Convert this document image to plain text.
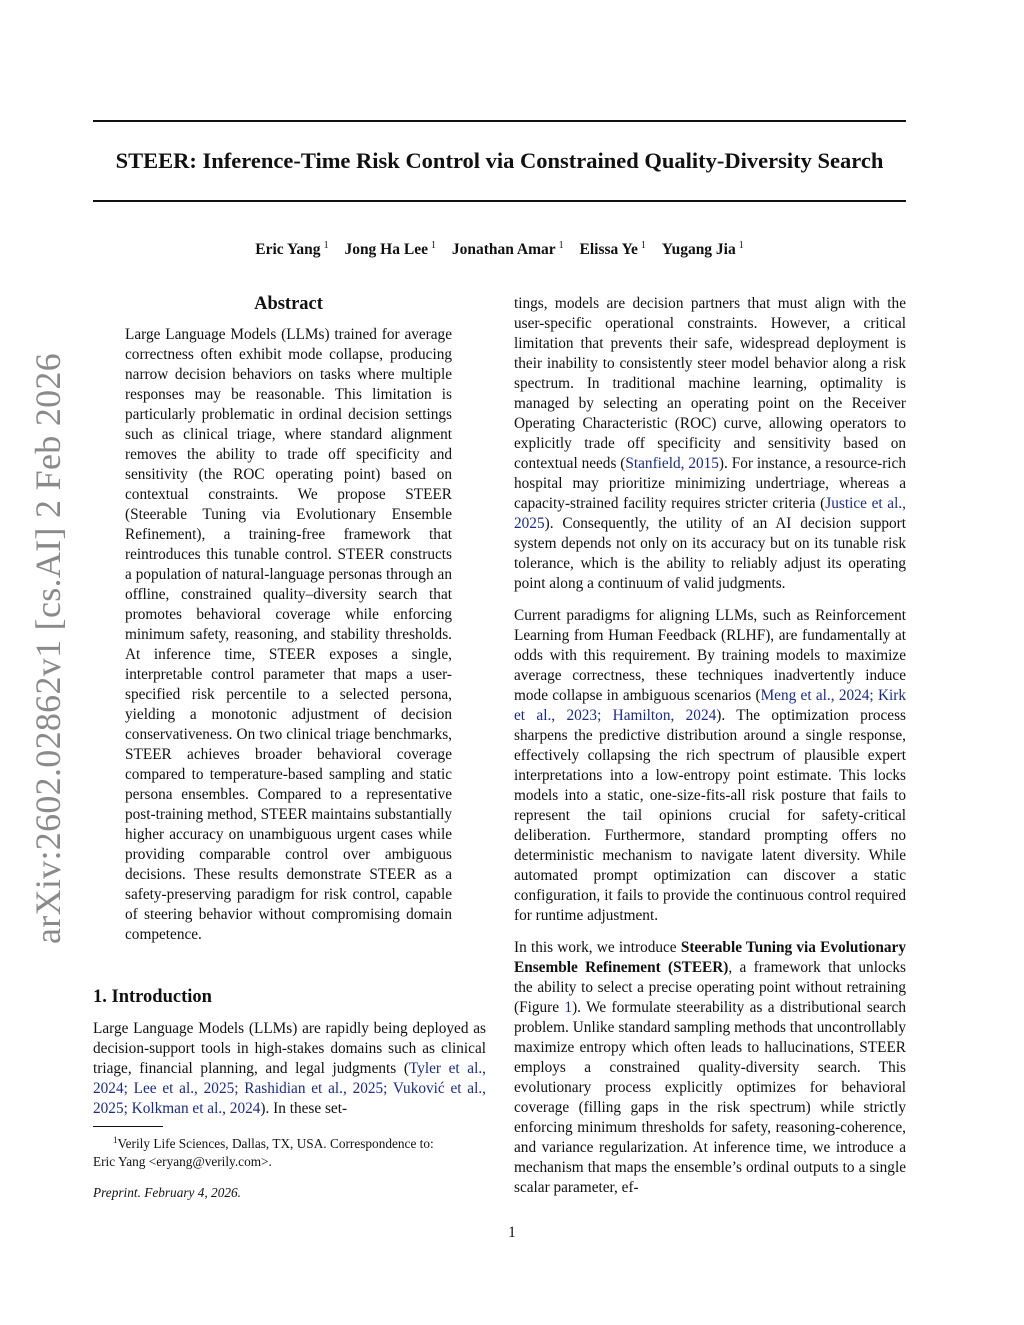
STEER: Inference-Time Risk Control via Constrained Quality-Diversity Search
Eric Yang $^1$ Jong Ha Lee $^1$ Jonathan Amar $^1$ Elissa Ye $^1$ Yugang Jia $^1$
arXiv:2602.02862v1 [cs.AI] 2 Feb 2026
Abstract
Large Language Models (LLMs) trained for average correctness often exhibit mode collapse, producing narrow decision behaviors on tasks where multiple responses may be reasonable. This limitation is particularly problematic in ordinal decision settings such as clinical triage, where standard alignment removes the ability to trade off specificity and sensitivity (the ROC operating point) based on contextual constraints. We propose STEER (Steerable Tuning via Evolutionary Ensemble Refinement), a training-free framework that reintroduces this tunable control. STEER constructs a population of natural-language personas through an offline, constrained quality–diversity search that promotes behavioral coverage while enforcing minimum safety, reasoning, and stability thresholds. At inference time, STEER exposes a single, interpretable control parameter that maps a user-specified risk percentile to a selected persona, yielding a monotonic adjustment of decision conservativeness. On two clinical triage benchmarks, STEER achieves broader behavioral coverage compared to temperature-based sampling and static persona ensembles. Compared to a representative post-training method, STEER maintains substantially higher accuracy on unambiguous urgent cases while providing comparable control over ambiguous decisions. These results demonstrate STEER as a safety-preserving paradigm for risk control, capable of steering behavior without compromising domain competence.
1. Introduction
Large Language Models (LLMs) are rapidly being deployed as decision-support tools in high-stakes domains such as clinical triage, financial planning, and legal judgments (Tyler et al., 2024; Lee et al., 2025; Rashidian et al., 2025; Vuković et al., 2025; Kolkman et al., 2024). In these set-

$^1$Verily Life Sciences, Dallas, TX, USA. Correspondence to:

Eric Yang <eryang@verily.com>.

Preprint. February 4, 2026.

tings, models are decision partners that must align with the user-specific operational constraints. However, a critical limitation that prevents their safe, widespread deployment is their inability to consistently steer model behavior along a risk spectrum. In traditional machine learning, optimality is managed by selecting an operating point on the Receiver Operating Characteristic (ROC) curve, allowing operators to explicitly trade off specificity and sensitivity based on contextual needs (Stanfield, 2015). For instance, a resource-rich hospital may prioritize minimizing undertriage, whereas a capacity-strained facility requires stricter criteria (Justice et al., 2025). Consequently, the utility of an AI decision support system depends not only on its accuracy but on its tunable risk tolerance, which is the ability to reliably adjust its operating point along a continuum of valid judgments.

Current paradigms for aligning LLMs, such as Reinforcement Learning from Human Feedback (RLHF), are fundamentally at odds with this requirement. By training models to maximize average correctness, these techniques inadvertently induce mode collapse in ambiguous scenarios (Meng et al., 2024; Kirk et al., 2023; Hamilton, 2024). The optimization process sharpens the predictive distribution around a single response, effectively collapsing the rich spectrum of plausible expert interpretations into a low-entropy point estimate. This locks models into a static, one-size-fits-all risk posture that fails to represent the tail opinions crucial for safety-critical deliberation. Furthermore, standard prompting offers no deterministic mechanism to navigate latent diversity. While automated prompt optimization can discover a static configuration, it fails to provide the continuous control required for runtime adjustment.

In this work, we introduce Steerable Tuning via Evolutionary Ensemble Refinement (STEER), a framework that unlocks the ability to select a precise operating point without retraining (Figure 1). We formulate steerability as a distributional search problem. Unlike standard sampling methods that uncontrollably maximize entropy which often leads to hallucinations, STEER employs a constrained quality-diversity search. This evolutionary process explicitly optimizes for behavioral coverage (filling gaps in the risk spectrum) while strictly enforcing minimum thresholds for safety, reasoning-coherence, and variance regularization. At inference time, we introduce a mechanism that maps the ensemble’s ordinal outputs to a single scalar parameter, ef-

1
